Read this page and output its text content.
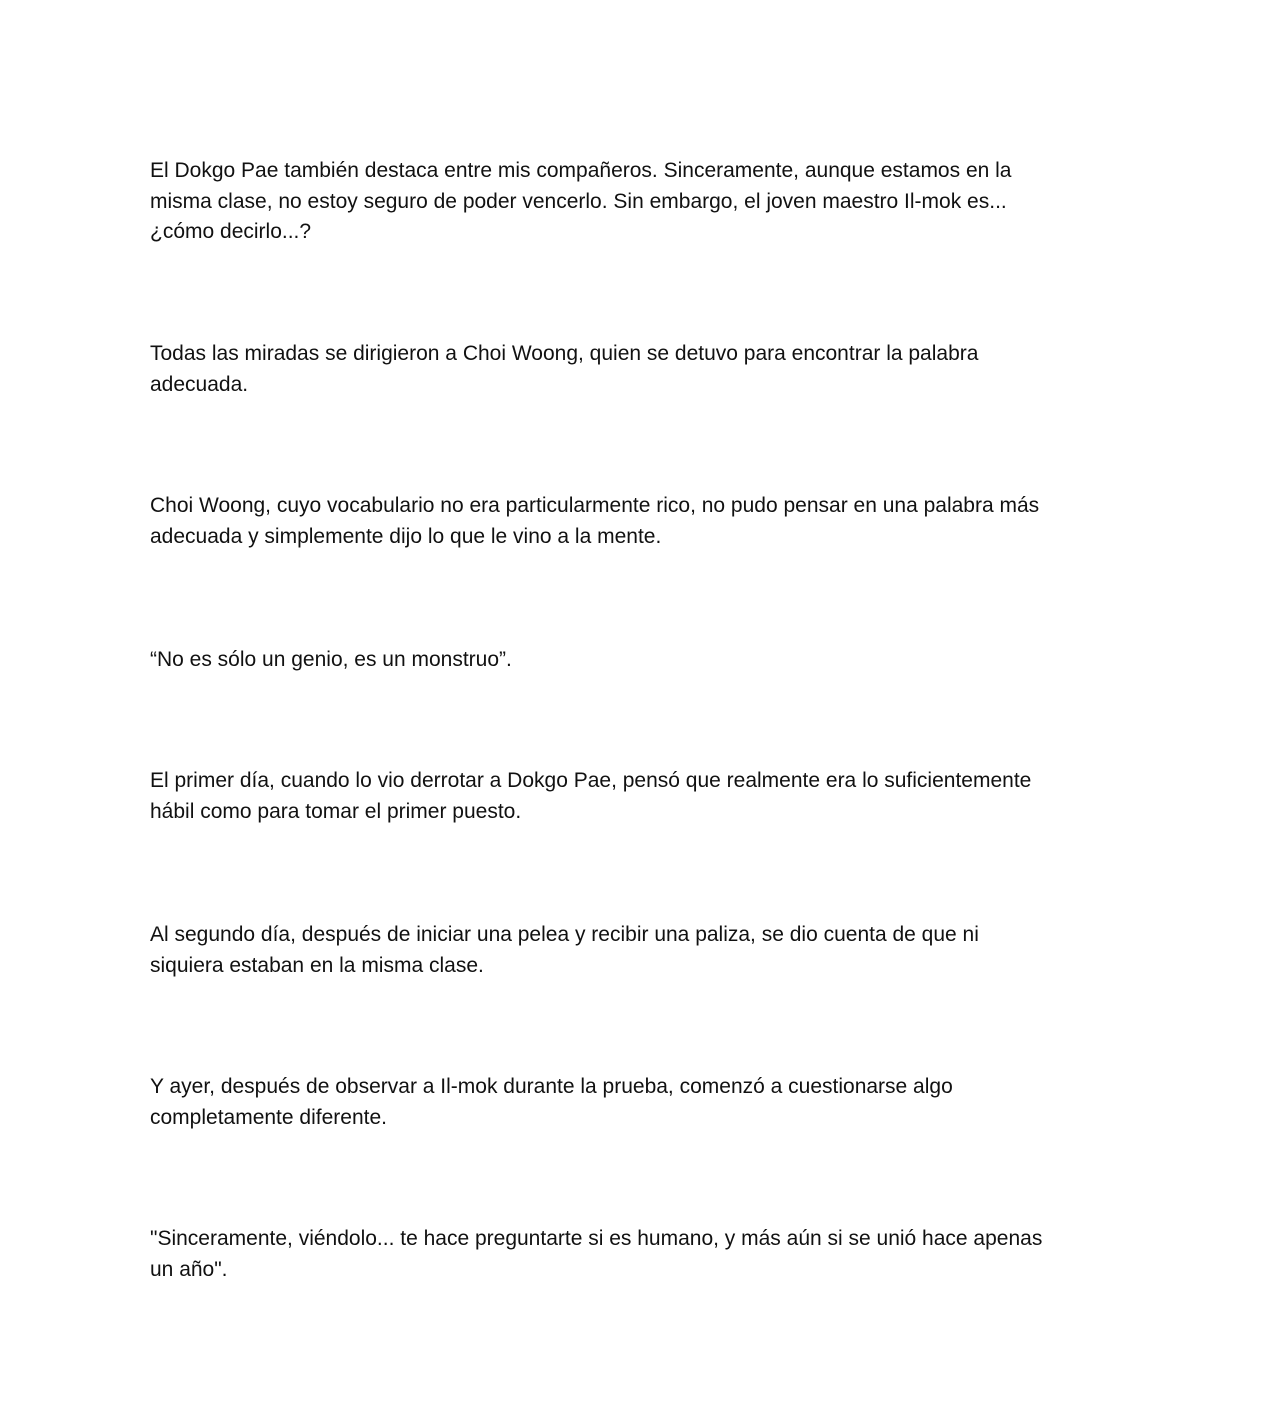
El Dokgo Pae también destaca entre mis compañeros. Sinceramente, aunque estamos en la
misma clase, no estoy seguro de poder vencerlo. Sin embargo, el joven maestro Il-mok es...
¿cómo decirlo...?

Todas las miradas se dirigieron a Choi Woong, quien se detuvo para encontrar la palabra
adecuada.

Choi Woong, cuyo vocabulario no era particularmente rico, no pudo pensar en una palabra más
adecuada y simplemente dijo lo que le vino a la mente.

“No es sólo un genio, es un monstruo”.

El primer día, cuando lo vio derrotar a Dokgo Pae, pensó que realmente era lo suficientemente
hábil como para tomar el primer puesto.

Al segundo día, después de iniciar una pelea y recibir una paliza, se dio cuenta de que ni
siquiera estaban en la misma clase.

Y ayer, después de observar a Il-mok durante la prueba, comenzó a cuestionarse algo
completamente diferente.

"Sinceramente, viéndolo... te hace preguntarte si es humano, y más aún si se unió hace apenas
un año".
